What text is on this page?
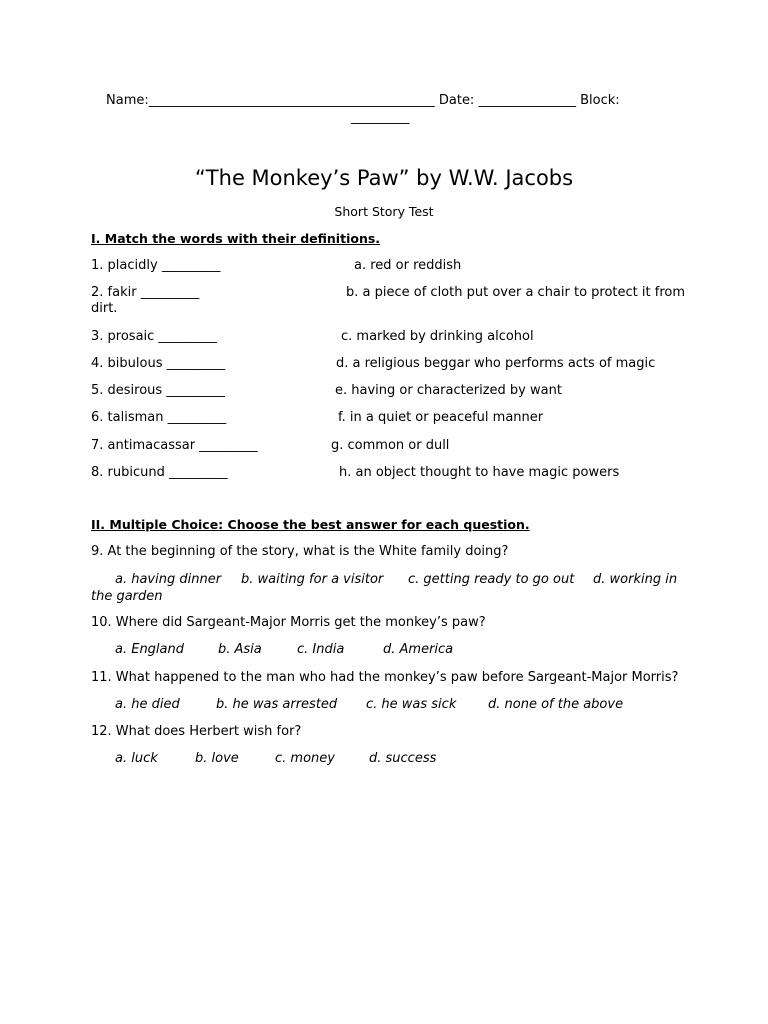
Name:____________________________________________ Date: _______________ Block:
_________
“The Monkey’s Paw” by W.W. Jacobs
Short Story Test
I. Match the words with their definitions.
1. placidly _________	a. red or reddish
2. fakir _________	b. a piece of cloth put over a chair to protect it from
dirt.
3. prosaic _________	c. marked by drinking alcohol
4. bibulous _________	d. a religious beggar who performs acts of magic
5. desirous _________	e. having or characterized by want
6. talisman _________	f. in a quiet or peaceful manner
7. antimacassar _________	g. common or dull
8. rubicund _________	h. an object thought to have magic powers
II. Multiple Choice: Choose the best answer for each question.
9. At the beginning of the story, what is the White family doing?
a. having dinner b. waiting for a visitor c. getting ready to go out d. working in
the garden
10. Where did Sargeant-Major Morris get the monkey’s paw?
a. England	b. Asia	c. India	d. America
11. What happened to the man who had the monkey’s paw before Sargeant-Major Morris?
a. he died	b. he was arrested c. he was sick d. none of the above
12. What does Herbert wish for?
a. luck	b. love	c. money	d. success
